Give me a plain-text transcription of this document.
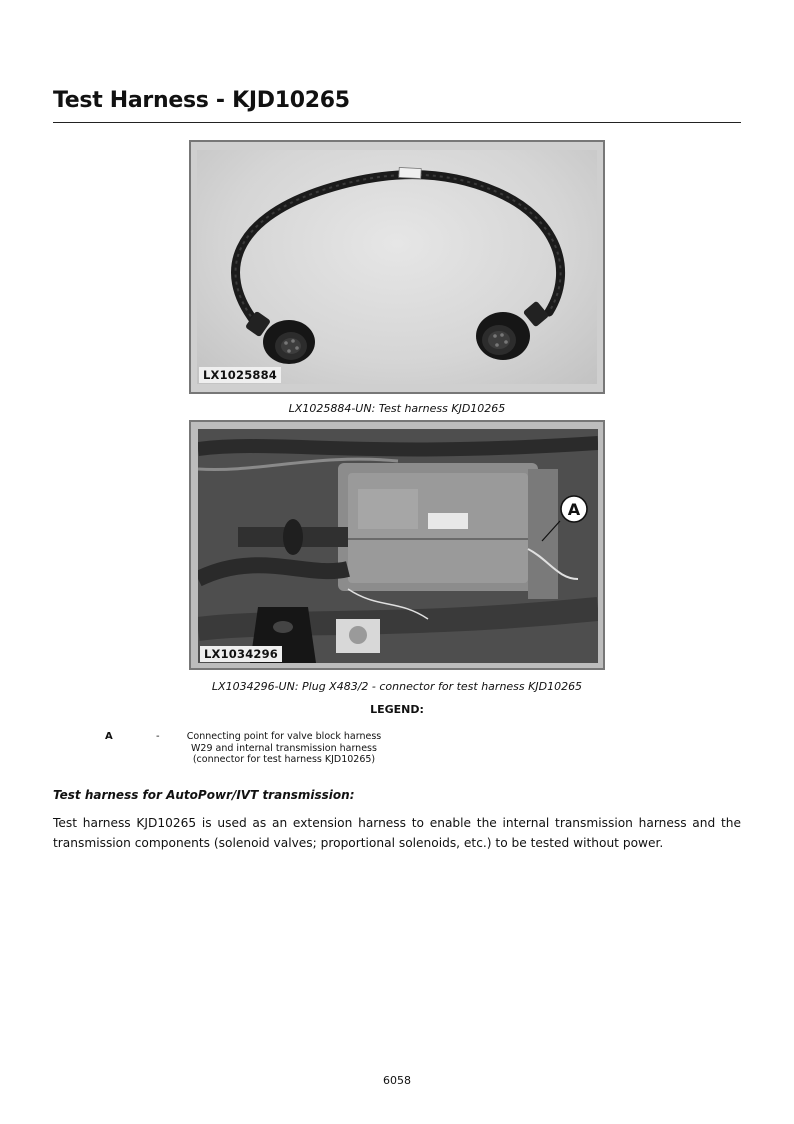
Test Harness - KJD10265
LX1025884
LX1025884-UN: Test harness KJD10265
A
LX1034296
LX1034296-UN: Plug X483/2 - connector for test harness KJD10265
LEGEND:
A	-	Connecting point for valve block harness W29 and internal transmission harness (connector for test harness KJD10265)
Test harness for AutoPowr/IVT transmission:
Test harness KJD10265 is used as an extension harness to enable the internal transmission harness and the transmission components (solenoid valves; proportional solenoids, etc.) to be tested without power.
6058
